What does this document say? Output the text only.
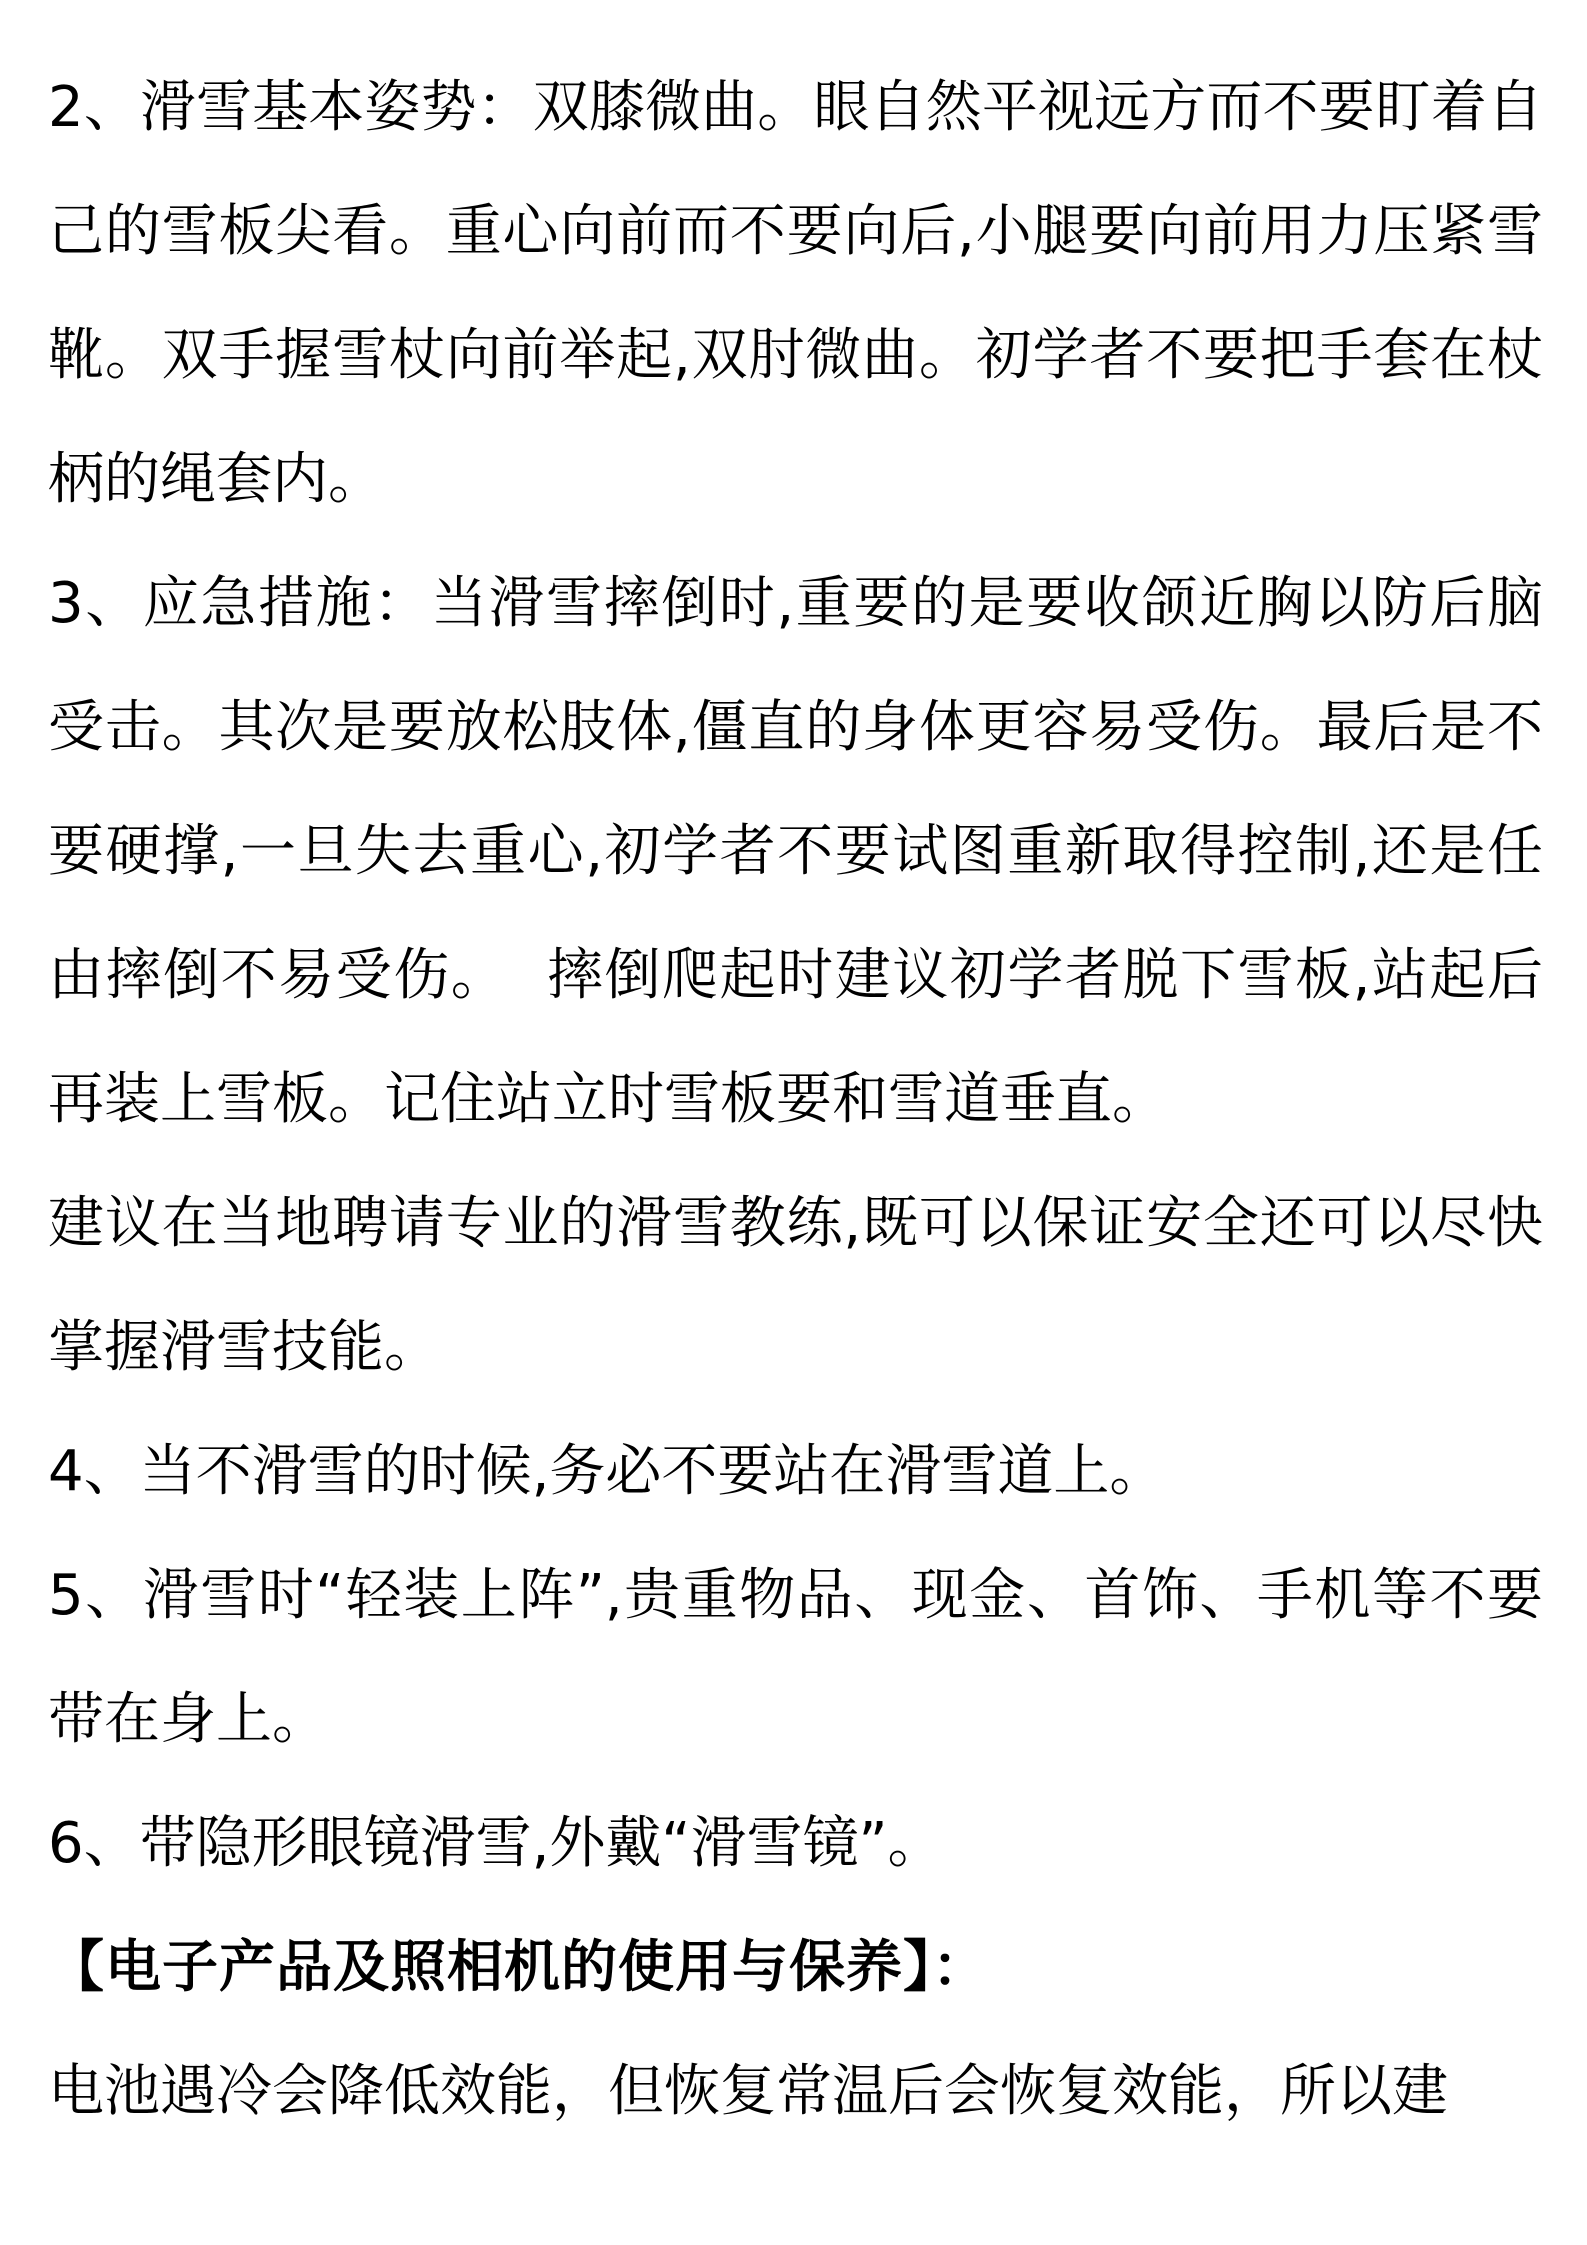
2、滑雪基本姿势：双膝微曲。眼自然平视远方而不要盯着自己的雪板尖看。重心向前而不要向后,小腿要向前用力压紧雪靴。双手握雪杖向前举起,双肘微曲。初学者不要把手套在杖柄的绳套内。

3、应急措施：当滑雪摔倒时,重要的是要收颌近胸以防后脑受击。其次是要放松肢体,僵直的身体更容易受伤。最后是不要硬撑,一旦失去重心,初学者不要试图重新取得控制,还是任由摔倒不易受伤。  摔倒爬起时建议初学者脱下雪板,站起后再装上雪板。记住站立时雪板要和雪道垂直。

建议在当地聘请专业的滑雪教练,既可以保证安全还可以尽快掌握滑雪技能。

4、当不滑雪的时候,务必不要站在滑雪道上。

5、滑雪时“轻装上阵”,贵重物品、现金、首饰、手机等不要带在身上。

6、带隐形眼镜滑雪,外戴“滑雪镜”。

【电子产品及照相机的使用与保养】：

电池遇冷会降低效能，但恢复常温后会恢复效能，所以建
